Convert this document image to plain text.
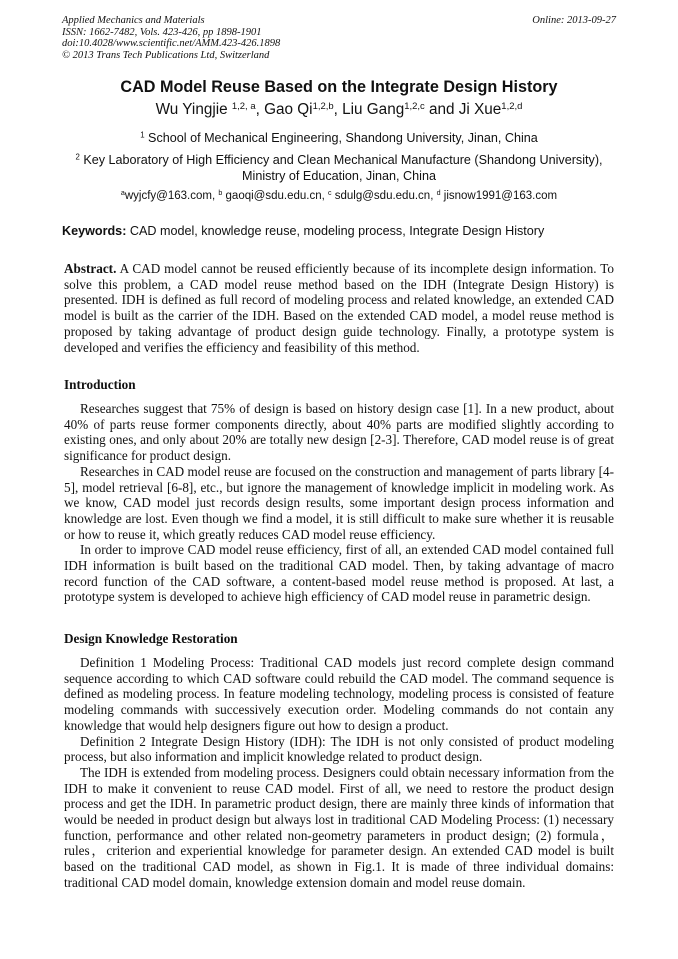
Applied Mechanics and Materials
ISSN: 1662-7482, Vols. 423-426, pp 1898-1901
doi:10.4028/www.scientific.net/AMM.423-426.1898
© 2013 Trans Tech Publications Ltd, Switzerland
Online: 2013-09-27
CAD Model Reuse Based on the Integrate Design History
Wu Yingjie $^{1,2, a}$, Gao Qi$^{1,2,b}$, Liu Gang$^{1,2,c}$ and Ji Xue$^{1,2,d}$
$^1$ School of Mechanical Engineering, Shandong University, Jinan, China
$^2$ Key Laboratory of High Efficiency and Clean Mechanical Manufacture (Shandong University),
Ministry of Education, Jinan, China
$^a$wyjcfy@163.com, $^b$ gaoqi@sdu.edu.cn, $^c$ sdulg@sdu.edu.cn, $^d$ jisnow1991@163.com
Keywords: CAD model, knowledge reuse, modeling process, Integrate Design History

Abstract. A CAD model cannot be reused efficiently because of its incomplete design information. To solve this problem, a CAD model reuse method based on the IDH (Integrate Design History) is presented. IDH is defined as full record of modeling process and related knowledge, an extended CAD model is built as the carrier of the IDH. Based on the extended CAD model, a model reuse method is proposed by taking advantage of product design guide technology. Finally, a prototype system is developed and verifies the efficiency and feasibility of this method.

Introduction

Researches suggest that 75% of design is based on history design case [1]. In a new product, about 40% of parts reuse former components directly, about 40% parts are modified slightly according to existing ones, and only about 20% are totally new design [2-3]. Therefore, CAD model reuse is of great significance for product design.

Researches in CAD model reuse are focused on the construction and management of parts library [4-5], model retrieval [6-8], etc., but ignore the management of knowledge implicit in modeling work. As we know, CAD model just records design results, some important design process information and knowledge are lost. Even though we find a model, it is still difficult to make sure whether it is reusable or how to reuse it, which greatly reduces CAD model reuse efficiency.

In order to improve CAD model reuse efficiency, first of all, an extended CAD model contained full IDH information is built based on the traditional CAD model. Then, by taking advantage of macro record function of the CAD software, a content-based model reuse method is proposed. At last, a prototype system is developed to achieve high efficiency of CAD model reuse in parametric design.

Design Knowledge Restoration

Definition 1 Modeling Process: Traditional CAD models just record complete design command sequence according to which CAD software could rebuild the CAD model. The command sequence is defined as modeling process. In feature modeling technology, modeling process is consisted of feature modeling commands with successively execution order. Modeling commands do not contain any knowledge that would help designers figure out how to design a product.

Definition 2 Integrate Design History (IDH): The IDH is not only consisted of product modeling process, but also information and implicit knowledge related to product design.

The IDH is extended from modeling process. Designers could obtain necessary information from the IDH to make it convenient to reuse CAD model. First of all, we need to restore the product design process and get the IDH. In parametric product design, there are mainly three kinds of information that would be needed in product design but always lost in traditional CAD Modeling Process: (1) necessary function, performance and other related non-geometry parameters in product design; (2) formula，rules，criterion and experiential knowledge for parameter design. An extended CAD model is built based on the traditional CAD model, as shown in Fig.1. It is made of three individual domains: traditional CAD model domain, knowledge extension domain and model reuse domain.
